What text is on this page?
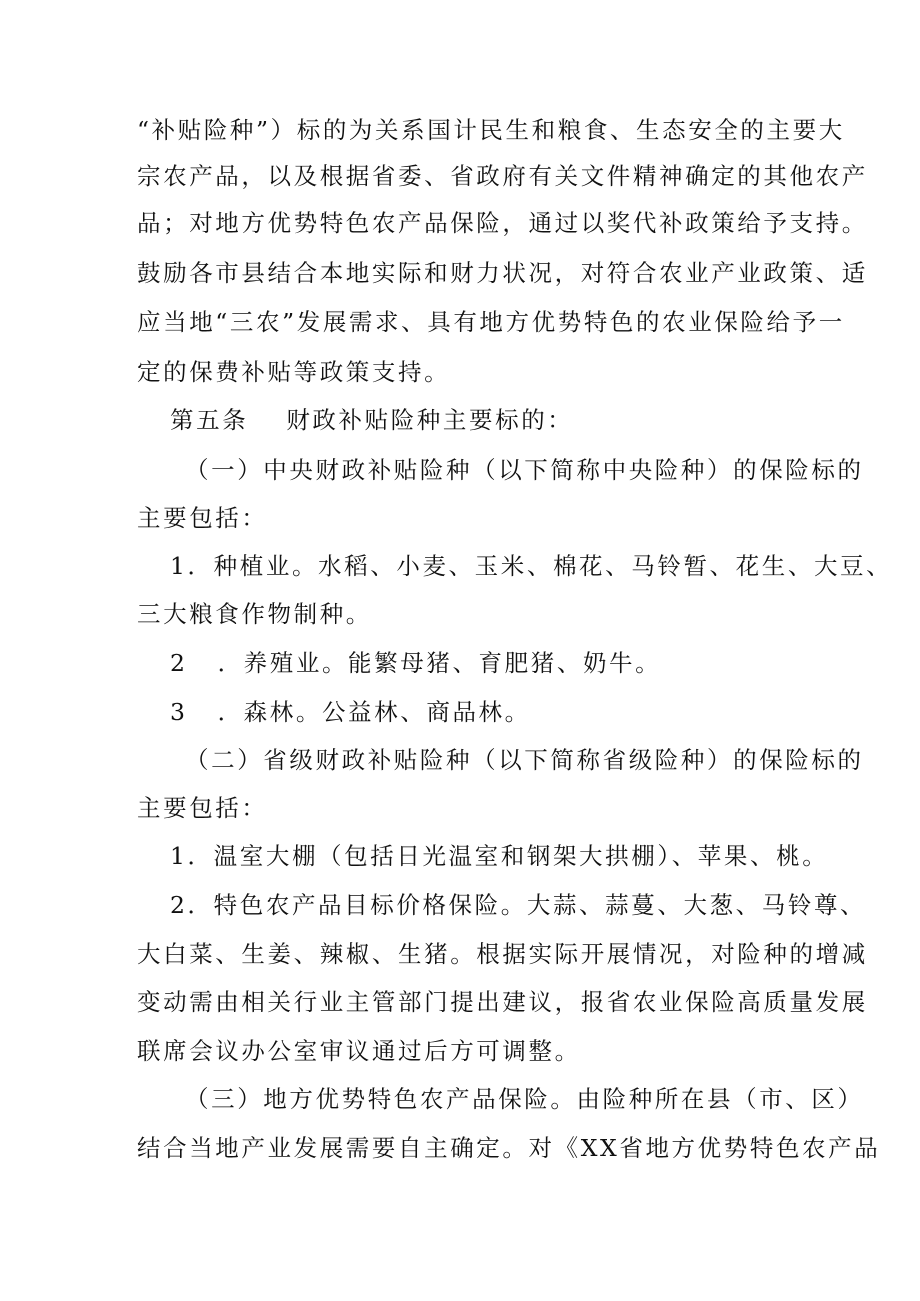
“补贴险种”）标的为关系国计民生和粮食、生态安全的主要大
宗农产品，以及根据省委、省政府有关文件精神确定的其他农产
品；对地方优势特色农产品保险，通过以奖代补政策给予支持。
鼓励各市县结合本地实际和财力状况，对符合农业产业政策、适
应当地“三农”发展需求、具有地方优势特色的农业保险给予一
定的保费补贴等政策支持。
第五条 财政补贴险种主要标的：
（一）中央财政补贴险种（以下简称中央险种）的保险标的
主要包括：
1．种植业。水稻、小麦、玉米、棉花、马铃暂、花生、大豆、
三大粮食作物制种。
2 ．养殖业。能繁母猪、育肥猪、奶牛。
3 ．森林。公益林、商品林。
（二）省级财政补贴险种（以下简称省级险种）的保险标的
主要包括：
1．温室大棚（包括日光温室和钢架大拱棚）、苹果、桃。
2．特色农产品目标价格保险。大蒜、蒜蔓、大葱、马铃尊、
大白菜、生姜、辣椒、生猪。根据实际开展情况，对险种的增减
变动需由相关行业主管部门提出建议，报省农业保险高质量发展
联席会议办公室审议通过后方可调整。
（三）地方优势特色农产品保险。由险种所在县（市、区）
结合当地产业发展需要自主确定。对《XX省地方优势特色农产品
